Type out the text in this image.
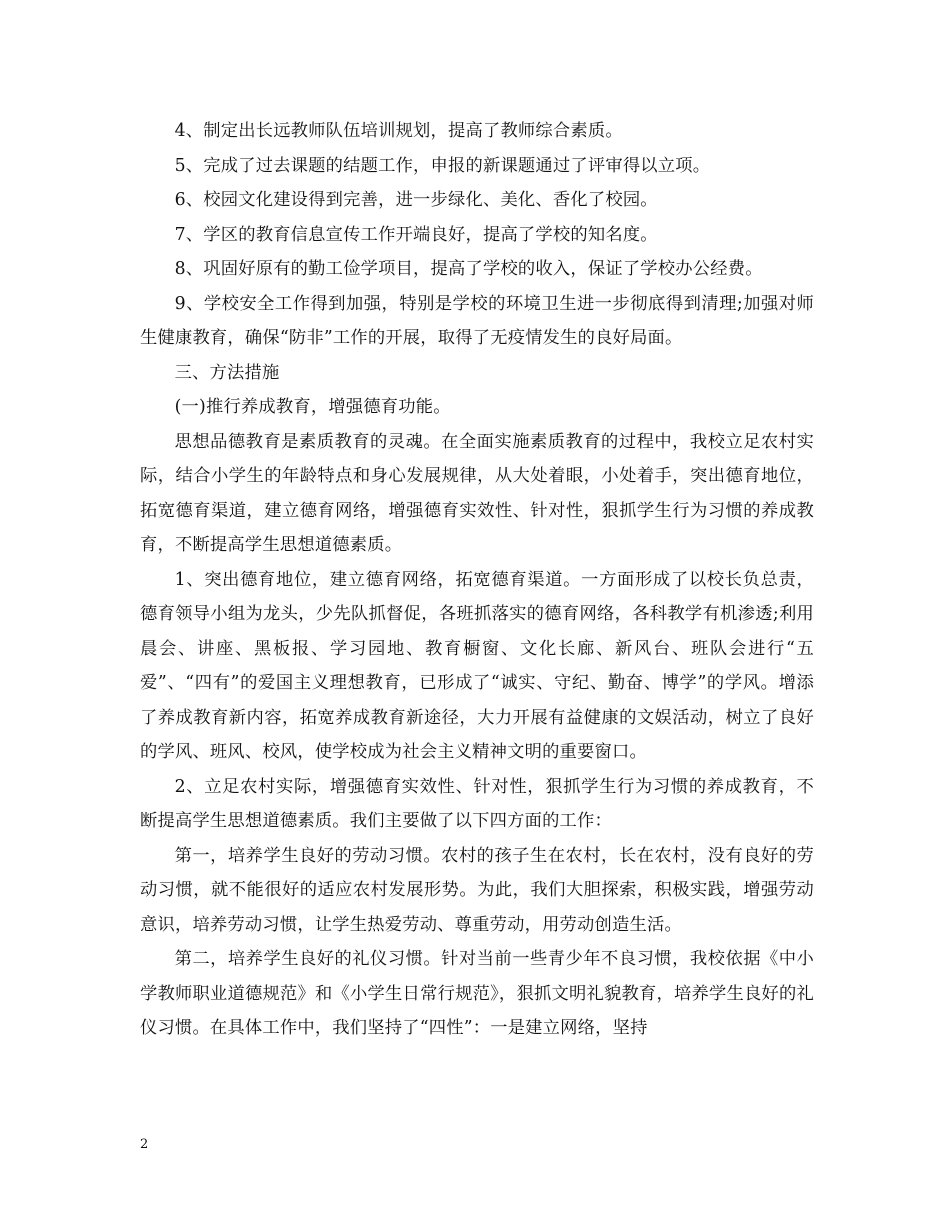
4、制定出长远教师队伍培训规划，提高了教师综合素质。

5、完成了过去课题的结题工作，申报的新课题通过了评审得以立项。

6、校园文化建设得到完善，进一步绿化、美化、香化了校园。

7、学区的教育信息宣传工作开端良好，提高了学校的知名度。

8、巩固好原有的勤工俭学项目，提高了学校的收入，保证了学校办公经费。

9、学校安全工作得到加强，特别是学校的环境卫生进一步彻底得到清理;加强对师生健康教育，确保“防非”工作的开展，取得了无疫情发生的良好局面。

三、方法措施

(一)推行养成教育，增强德育功能。

思想品德教育是素质教育的灵魂。在全面实施素质教育的过程中，我校立足农村实际，结合小学生的年龄特点和身心发展规律，从大处着眼，小处着手，突出德育地位，拓宽德育渠道，建立德育网络，增强德育实效性、针对性，狠抓学生行为习惯的养成教育，不断提高学生思想道德素质。

1、突出德育地位，建立德育网络，拓宽德育渠道。一方面形成了以校长负总责，德育领导小组为龙头，少先队抓督促，各班抓落实的德育网络，各科教学有机渗透;利用晨会、讲座、黑板报、学习园地、教育橱窗、文化长廊、新风台、班队会进行“五爱”、“四有”的爱国主义理想教育，已形成了“诚实、守纪、勤奋、博学”的学风。增添了养成教育新内容，拓宽养成教育新途径，大力开展有益健康的文娱活动，树立了良好的学风、班风、校风，使学校成为社会主义精神文明的重要窗口。

2、立足农村实际，增强德育实效性、针对性，狠抓学生行为习惯的养成教育，不断提高学生思想道德素质。我们主要做了以下四方面的工作：

第一，培养学生良好的劳动习惯。农村的孩子生在农村，长在农村，没有良好的劳动习惯，就不能很好的适应农村发展形势。为此，我们大胆探索，积极实践，增强劳动意识，培养劳动习惯，让学生热爱劳动、尊重劳动，用劳动创造生活。

第二，培养学生良好的礼仪习惯。针对当前一些青少年不良习惯，我校依据《中小学教师职业道德规范》和《小学生日常行规范》，狠抓文明礼貌教育，培养学生良好的礼仪习惯。在具体工作中，我们坚持了“四性”：一是建立网络，坚持

2
